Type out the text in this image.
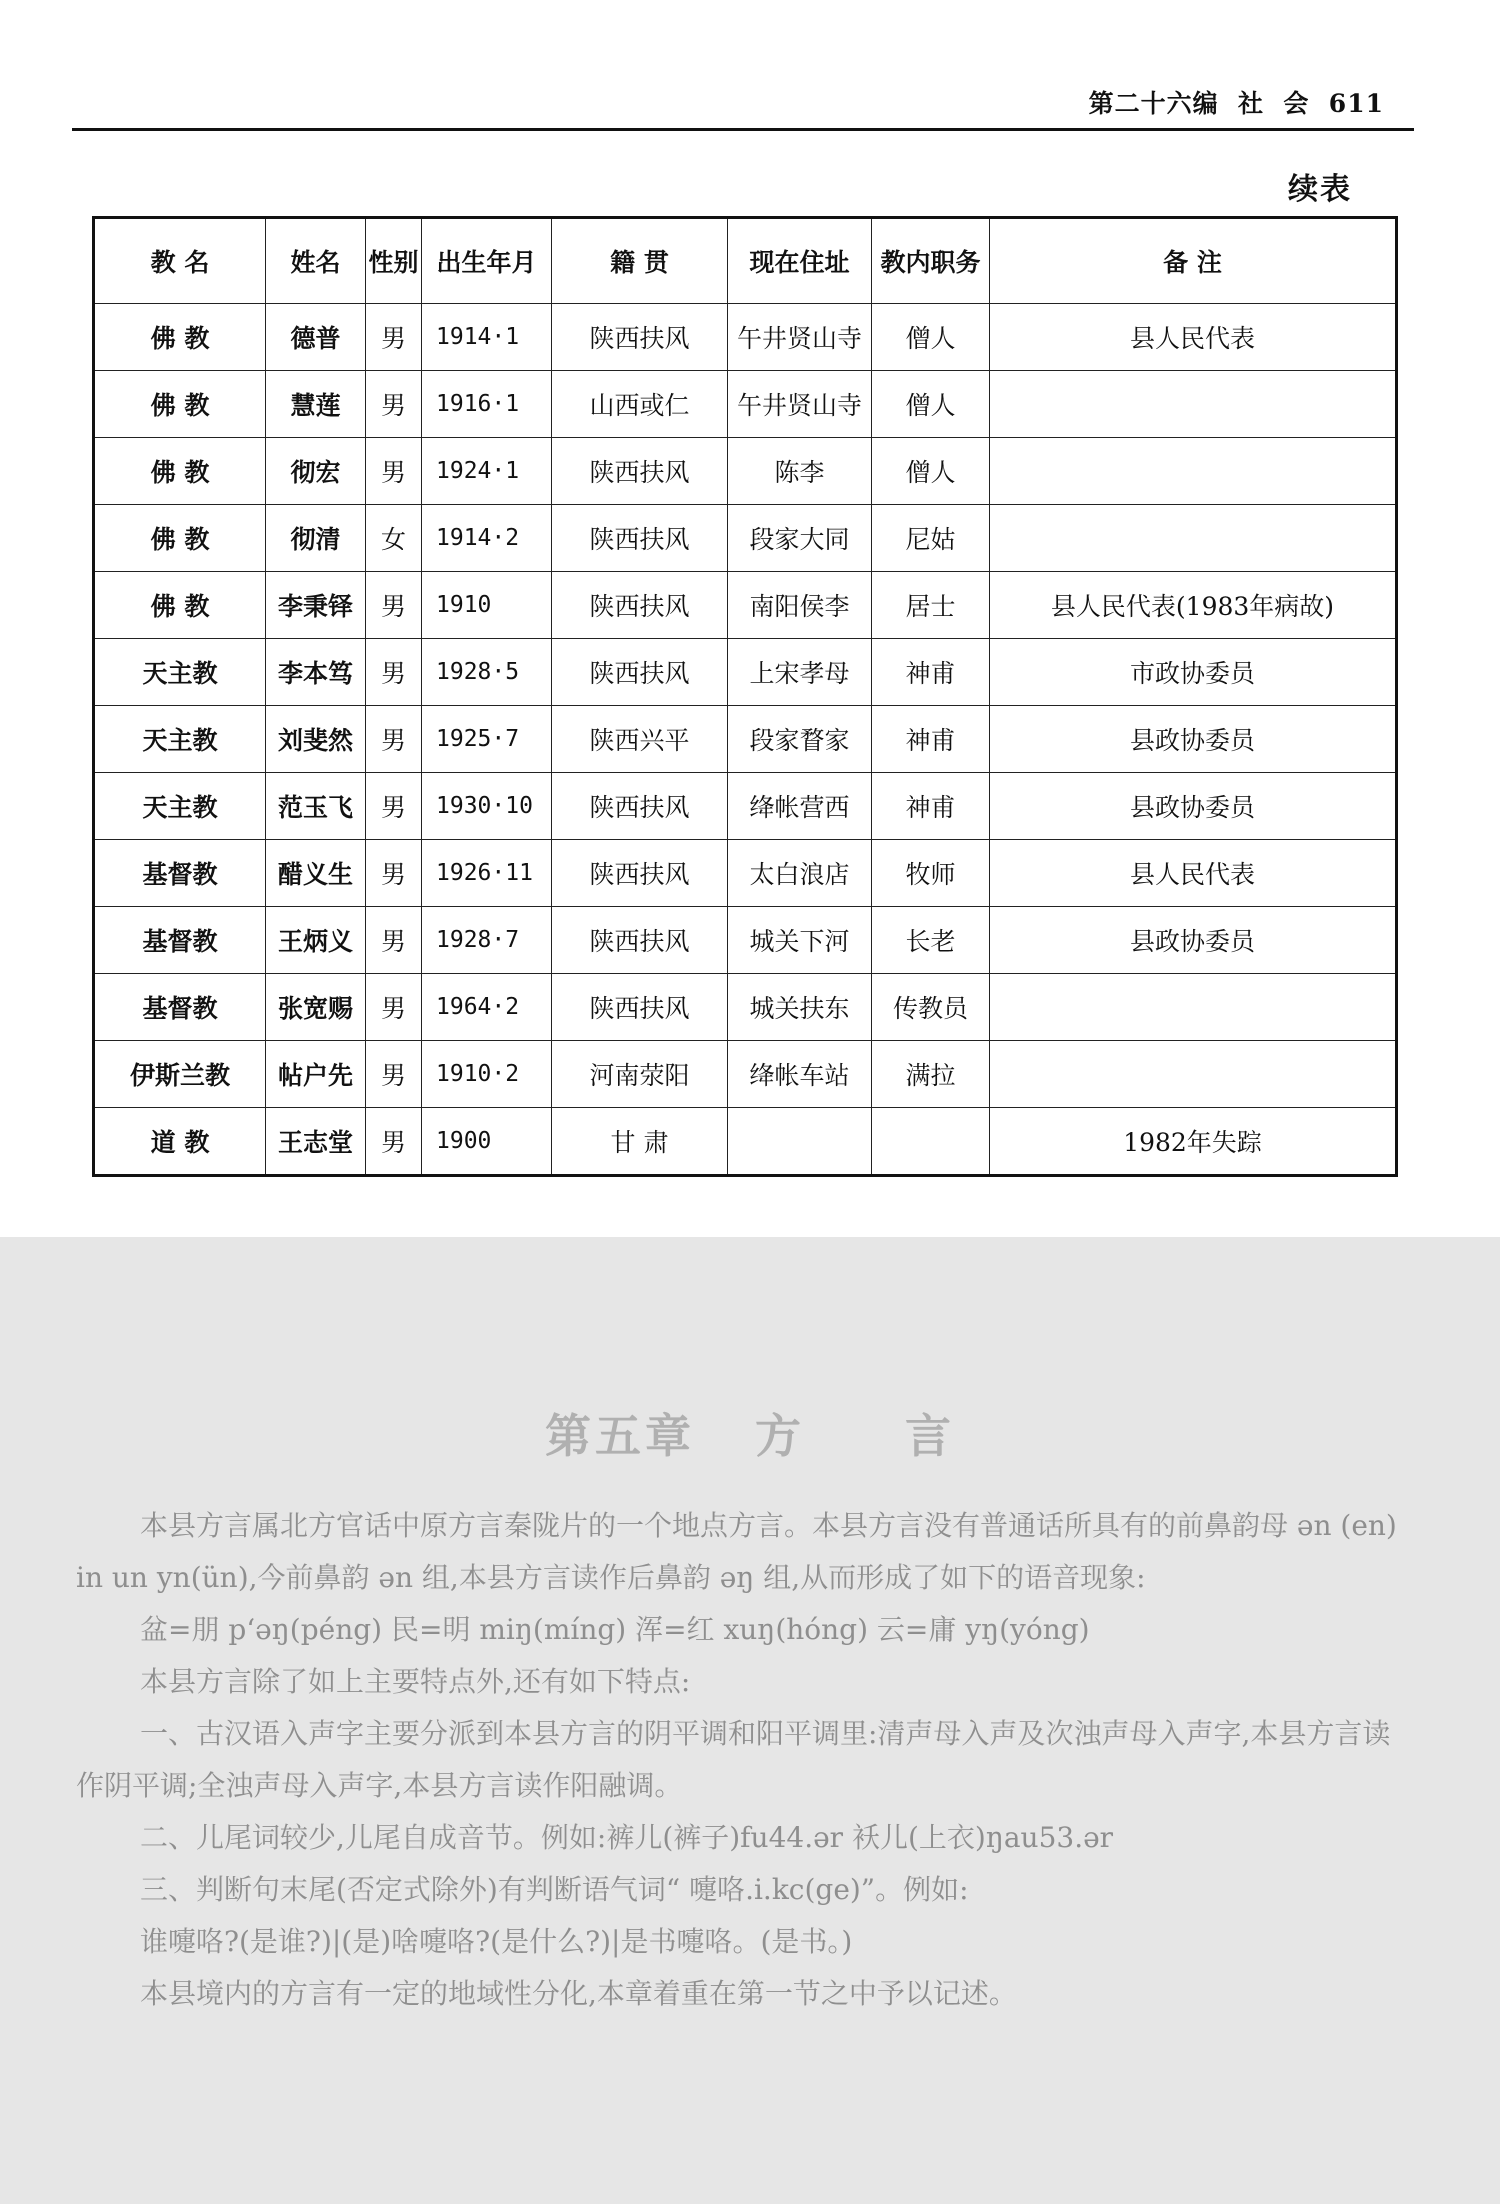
第二十六编  社  会  611
续表
教 名	姓名	性别	出生年月	籍 贯	现在住址	教内职务	备 注
佛 教	德普	男	1914·1	陕西扶风	午井贤山寺	僧人	县人民代表
佛 教	慧莲	男	1916·1	山西或仁	午井贤山寺	僧人	
佛 教	彻宏	男	1924·1	陕西扶风	陈李	僧人	
佛 教	彻清	女	1914·2	陕西扶风	段家大同	尼姑	
佛 教	李秉铎	男	1910	陕西扶风	南阳侯李	居士	县人民代表(1983年病故)
天主教	李本笃	男	1928·5	陕西扶风	上宋孝母	神甫	市政协委员
天主教	刘斐然	男	1925·7	陕西兴平	段家瞀家	神甫	县政协委员
天主教	范玉飞	男	1930·10	陕西扶风	绛帐营西	神甫	县政协委员
基督教	醋义生	男	1926·11	陕西扶风	太白浪店	牧师	县人民代表
基督教	王炳义	男	1928·7	陕西扶风	城关下河	长老	县政协委员
基督教	张宽赐	男	1964·2	陕西扶风	城关扶东	传教员	
伊斯兰教	帖户先	男	1910·2	河南荥阳	绛帐车站	满拉	
道 教	王志堂	男	1900	甘 肃			1982年失踪
第五章   方     言

本县方言属北方官话中原方言秦陇片的一个地点方言。本县方言没有普通话所具有的前鼻韵母 ən (en) in un yn(ün),今前鼻韵 ən 组,本县方言读作后鼻韵 əŋ 组,从而形成了如下的语音现象:

盆=朋 pʻəŋ(péng) 民=明 miŋ(míng) 浑=红 xuŋ(hóng) 云=庸 yŋ(yóng)

本县方言除了如上主要特点外,还有如下特点:

一、古汉语入声字主要分派到本县方言的阴平调和阳平调里:清声母入声及次浊声母入声字,本县方言读作阴平调;全浊声母入声字,本县方言读作阳融调。

二、儿尾词较少,儿尾自成音节。例如:裤儿(裤子)fu44.ər 袄儿(上衣)ŋau53.ər

三、判断句末尾(否定式除外)有判断语气词“ 嚏咯.i.kc(ge)”。例如:

谁嚏咯?(是谁?)|(是)啥嚏咯?(是什么?)|是书嚏咯。(是书。)

本县境内的方言有一定的地域性分化,本章着重在第一节之中予以记述。
